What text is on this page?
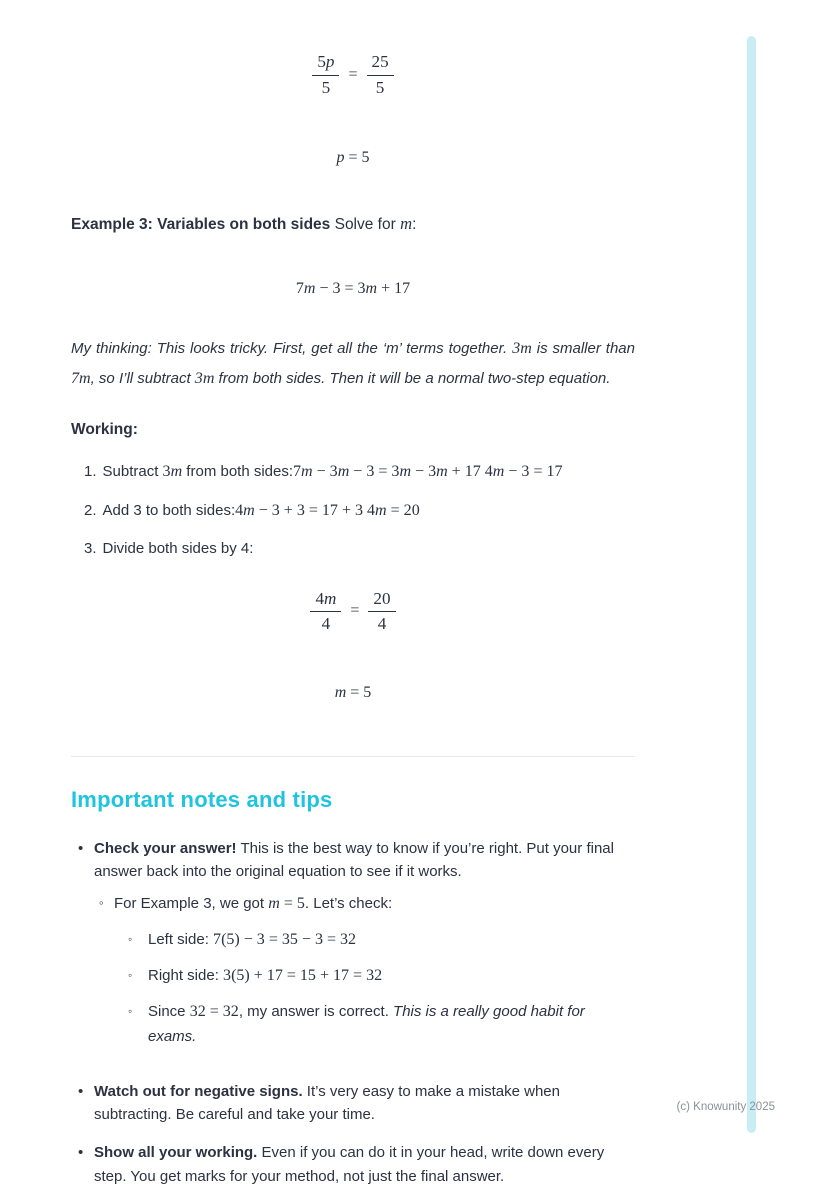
$\frac{5p}{5} = \frac{25}{5}$
p = 5

Example 3: Variables on both sides Solve for m:

7m − 3 = 3m + 17

My thinking: This looks tricky. First, get all the ‘m’ terms together. 3m is smaller than 7m, so I’ll subtract 3m from both sides. Then it will be a normal two-step equation.

Working:

1. Subtract 3m from both sides:7m − 3m − 3 = 3m − 3m + 17 4m − 3 = 17
2. Add 3 to both sides:4m − 3 + 3 = 17 + 3 4m = 20
3. Divide both sides by 4:
$\frac{4m}{4} = \frac{20}{4}$
m = 5
Important notes and tips
•
Check your answer! This is the best way to know if you’re right. Put your final answer back into the original equation to see if it works.
◦
For Example 3, we got m = 5. Let’s check:
◦
Left side: 7(5) − 3 = 35 − 3 = 32
◦
Right side: 3(5) + 17 = 15 + 17 = 32
◦
Since 32 = 32, my answer is correct. This is a really good habit for exams.
•
Watch out for negative signs. It’s very easy to make a mistake when subtracting. Be careful and take your time.
•
Show all your working. Even if you can do it in your head, write down every step. You get marks for your method, not just the final answer.
(c) Knowunity 2025
